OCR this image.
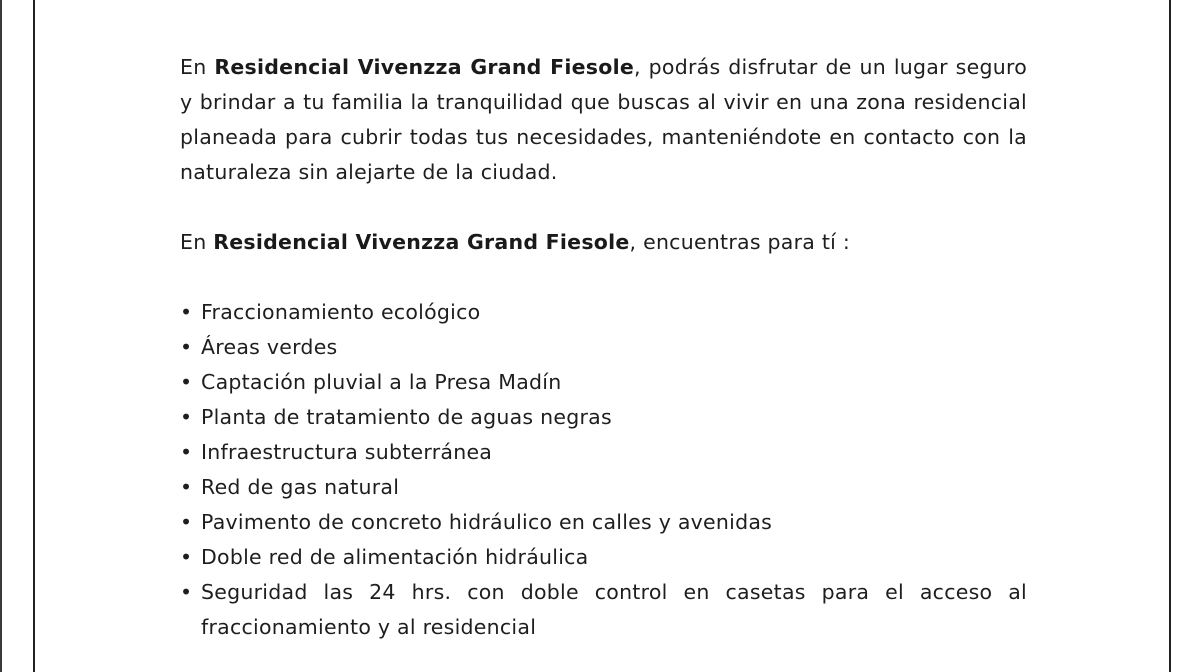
En Residencial Vivenzza Grand Fiesole, podrás disfrutar de un lugar seguro y brindar a tu familia la tranquilidad que buscas al vivir en una zona residencial planeada para cubrir todas tus necesidades, manteniéndote en contacto con la naturaleza sin alejarte de la ciudad.

En Residencial Vivenzza Grand Fiesole, encuentras para tí :

• Fraccionamiento ecológico
• Áreas verdes
• Captación pluvial a la Presa Madín
• Planta de tratamiento de aguas negras
• Infraestructura subterránea
• Red de gas natural
• Pavimento de concreto hidráulico en calles y avenidas
• Doble red de alimentación hidráulica
• Seguridad las 24 hrs. con doble control en casetas para el acceso al fraccionamiento y al residencial
